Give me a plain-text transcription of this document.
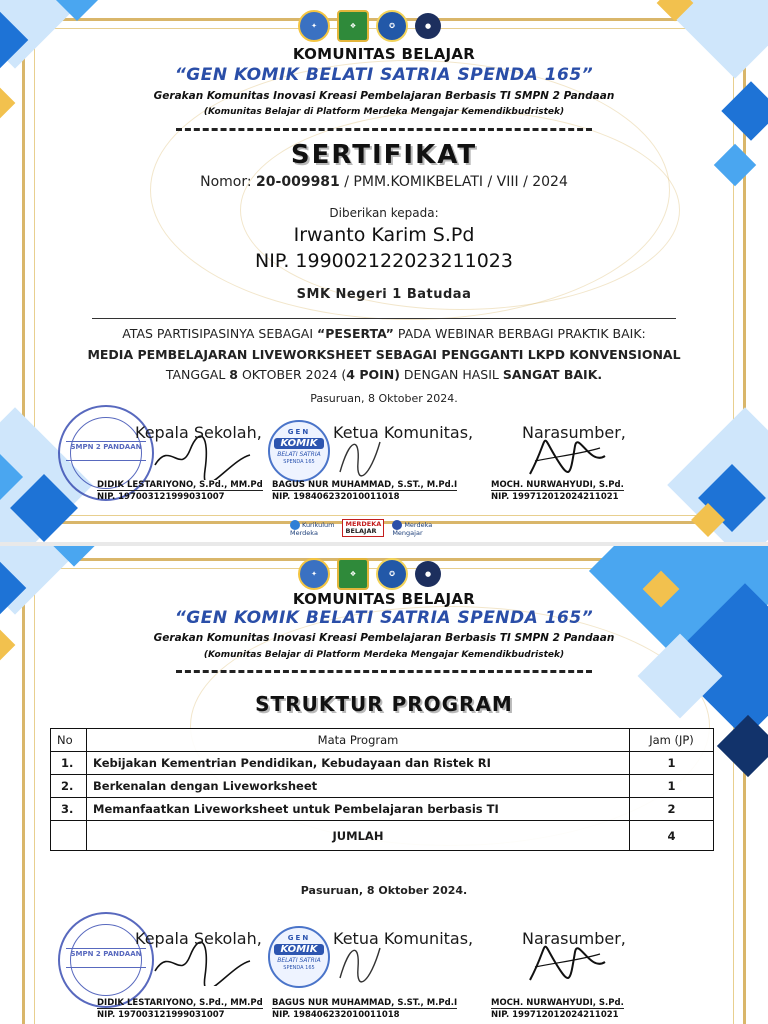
✦	❖	✪	●
KOMUNITAS BELAJAR
“GEN KOMIK BELATI SATRIA SPENDA 165”
Gerakan Komunitas Inovasi Kreasi Pembelajaran Berbasis TI SMPN 2 Pandaan
(Komunitas Belajar di Platform Merdeka Mengajar Kemendikbudristek)
SERTIFIKAT
Nomor: 20-009981 / PMM.KOMIKBELATI / VIII / 2024
Diberikan kepada:
Irwanto Karim S.Pd
NIP. 199002122023211023
SMK Negeri 1 Batudaa
ATAS PARTISIPASINYA SEBAGAI “PESERTA” PADA WEBINAR BERBAGI PRAKTIK BAIK:
MEDIA PEMBELAJARAN LIVEWORKSHEET SEBAGAI PENGGANTI LKPD KONVENSIONAL
TANGGAL 8 OKTOBER 2024 (4 POIN) DENGAN HASIL SANGAT BAIK.
Pasuruan, 8 Oktober 2024.
SMPN 2 PANDAAN
GEN
KOMIK
BELATI SATRIA
SPENDA 165
Kepala Sekolah,	Ketua Komunitas,	Narasumber,
DIDIK LESTARIYONO, S.Pd., MM.Pd
NIP. 197003121999031007
BAGUS NUR MUHAMMAD, S.ST., M.Pd.I
NIP. 198406232010011018
MOCH. NURWAHYUDI, S.Pd.
NIP. 199712012024211021
Kurikulum
Merdeka
MERDEKA
BELAJAR
Merdeka
Mengajar
✦	❖	✪	●
KOMUNITAS BELAJAR
“GEN KOMIK BELATI SATRIA SPENDA 165”
Gerakan Komunitas Inovasi Kreasi Pembelajaran Berbasis TI SMPN 2 Pandaan
(Komunitas Belajar di Platform Merdeka Mengajar Kemendikbudristek)
STRUKTUR PROGRAM
No	Mata Program	Jam (JP)
1.	Kebijakan Kementrian Pendidikan, Kebudayaan dan Ristek RI	1
2.	Berkenalan dengan Liveworksheet	1
3.	Memanfaatkan Liveworksheet untuk Pembelajaran berbasis TI	2
	JUMLAH	4
Pasuruan, 8 Oktober 2024.
SMPN 2 PANDAAN
GEN
KOMIK
BELATI SATRIA
SPENDA 165
Kepala Sekolah,	Ketua Komunitas,	Narasumber,
DIDIK LESTARIYONO, S.Pd., MM.Pd
NIP. 197003121999031007
BAGUS NUR MUHAMMAD, S.ST., M.Pd.I
NIP. 198406232010011018
MOCH. NURWAHYUDI, S.Pd.
NIP. 199712012024211021
